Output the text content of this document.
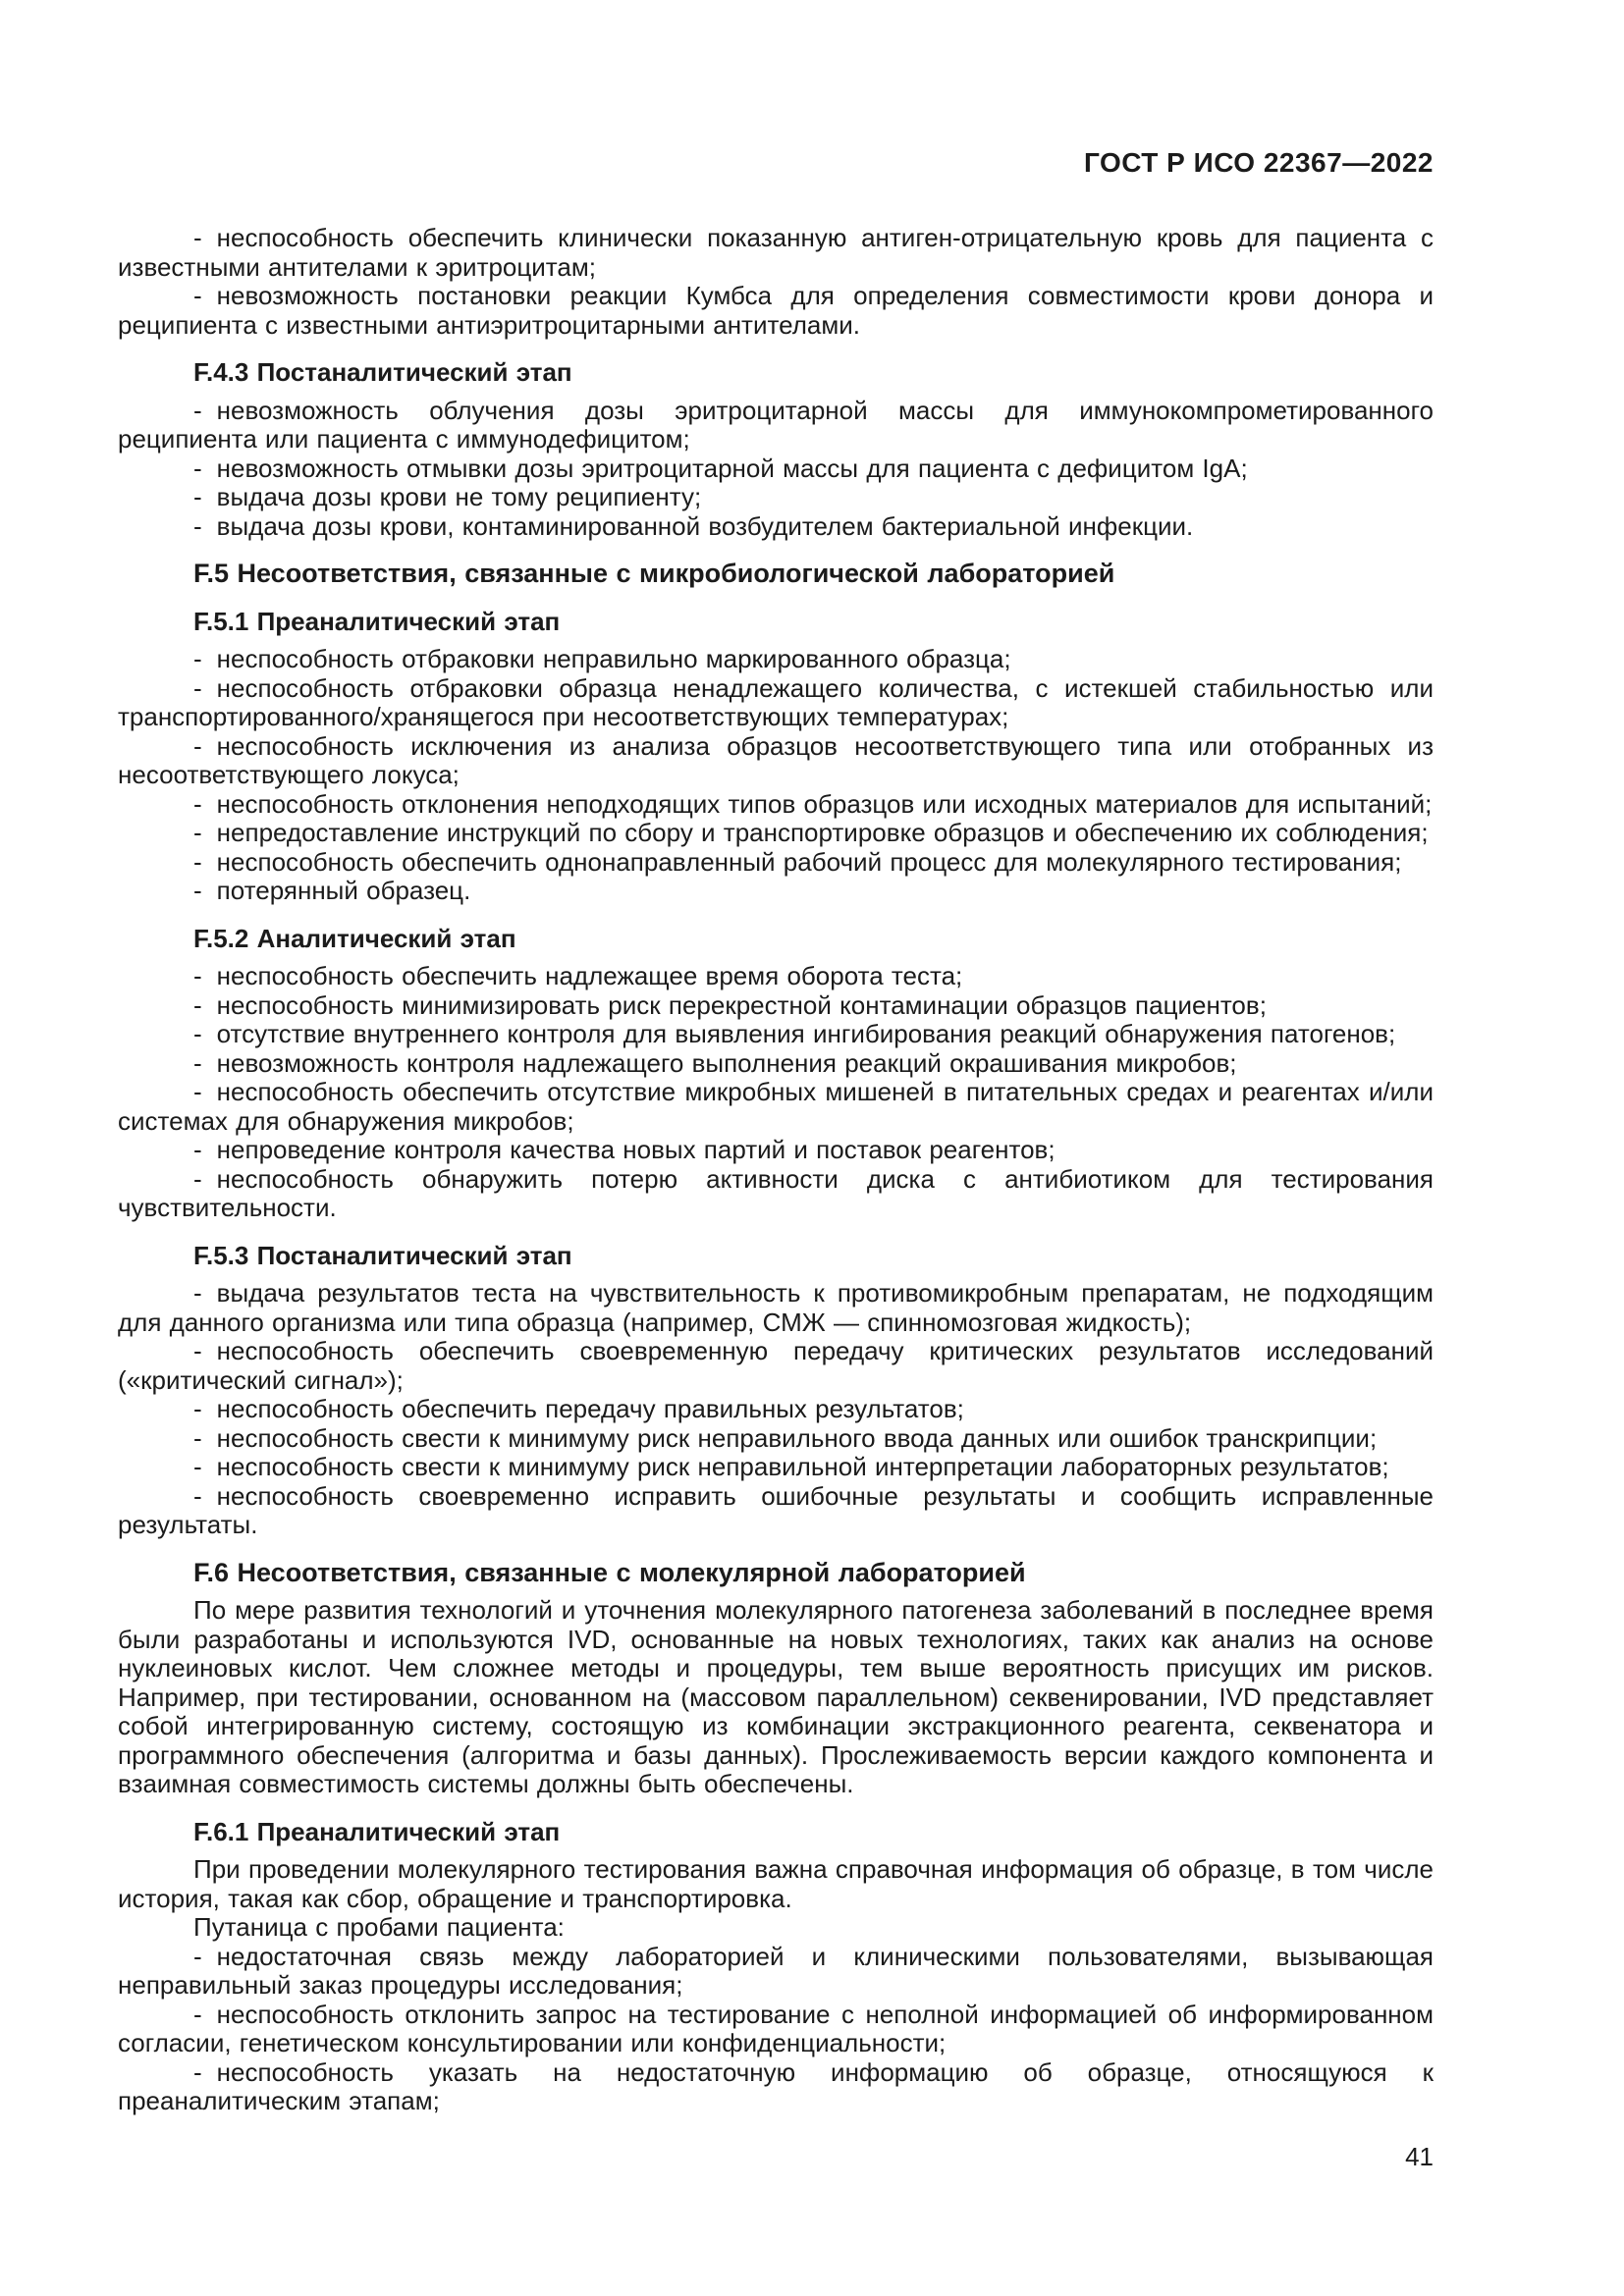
ГОСТ Р ИСО 22367—2022

- неспособность обеспечить клинически показанную антиген-отрицательную кровь для пациента с известными антителами к эритроцитам;

- невозможность постановки реакции Кумбса для определения совместимости крови донора и реципиента с известными антиэритроцитарными антителами.

F.4.3 Постаналитический этап

- невозможность облучения дозы эритроцитарной массы для иммунокомпрометированного реципиента или пациента с иммунодефицитом;

- невозможность отмывки дозы эритроцитарной массы для пациента с дефицитом IgA;

- выдача дозы крови не тому реципиенту;

- выдача дозы крови, контаминированной возбудителем бактериальной инфекции.

F.5 Несоответствия, связанные с микробиологической лабораторией

F.5.1 Преаналитический этап

- неспособность отбраковки неправильно маркированного образца;

- неспособность отбраковки образца ненадлежащего количества, с истекшей стабильностью или транспортированного/хранящегося при несоответствующих температурах;

- неспособность исключения из анализа образцов несоответствующего типа или отобранных из несоответствующего локуса;

- неспособность отклонения неподходящих типов образцов или исходных материалов для испытаний;

- непредоставление инструкций по сбору и транспортировке образцов и обеспечению их соблюдения;

- неспособность обеспечить однонаправленный рабочий процесс для молекулярного тестирования;

- потерянный образец.

F.5.2 Аналитический этап

- неспособность обеспечить надлежащее время оборота теста;

- неспособность минимизировать риск перекрестной контаминации образцов пациентов;

- отсутствие внутреннего контроля для выявления ингибирования реакций обнаружения патогенов;

- невозможность контроля надлежащего выполнения реакций окрашивания микробов;

- неспособность обеспечить отсутствие микробных мишеней в питательных средах и реагентах и/или системах для обнаружения микробов;

- непроведение контроля качества новых партий и поставок реагентов;

- неспособность обнаружить потерю активности диска с антибиотиком для тестирования чувствительности.

F.5.3 Постаналитический этап

- выдача результатов теста на чувствительность к противомикробным препаратам, не подходящим для данного организма или типа образца (например, СМЖ — спинномозговая жидкость);

- неспособность обеспечить своевременную передачу критических результатов исследований («критический сигнал»);

- неспособность обеспечить передачу правильных результатов;

- неспособность свести к минимуму риск неправильного ввода данных или ошибок транскрипции;

- неспособность свести к минимуму риск неправильной интерпретации лабораторных результатов;

- неспособность своевременно исправить ошибочные результаты и сообщить исправленные результаты.

F.6 Несоответствия, связанные с молекулярной лабораторией

По мере развития технологий и уточнения молекулярного патогенеза заболеваний в последнее время были разработаны и используются IVD, основанные на новых технологиях, таких как анализ на основе нуклеиновых кислот. Чем сложнее методы и процедуры, тем выше вероятность присущих им рисков. Например, при тестировании, основанном на (массовом параллельном) секвенировании, IVD представляет собой интегрированную систему, состоящую из комбинации экстракционного реагента, секвенатора и программного обеспечения (алгоритма и базы данных). Прослеживаемость версии каждого компонента и взаимная совместимость системы должны быть обеспечены.

F.6.1 Преаналитический этап

При проведении молекулярного тестирования важна справочная информация об образце, в том числе история, такая как сбор, обращение и транспортировка.

Путаница с пробами пациента:

- недостаточная связь между лабораторией и клиническими пользователями, вызывающая неправильный заказ процедуры исследования;

- неспособность отклонить запрос на тестирование с неполной информацией об информированном согласии, генетическом консультировании или конфиденциальности;

- неспособность указать на недостаточную информацию об образце, относящуюся к преаналитическим этапам;

41
